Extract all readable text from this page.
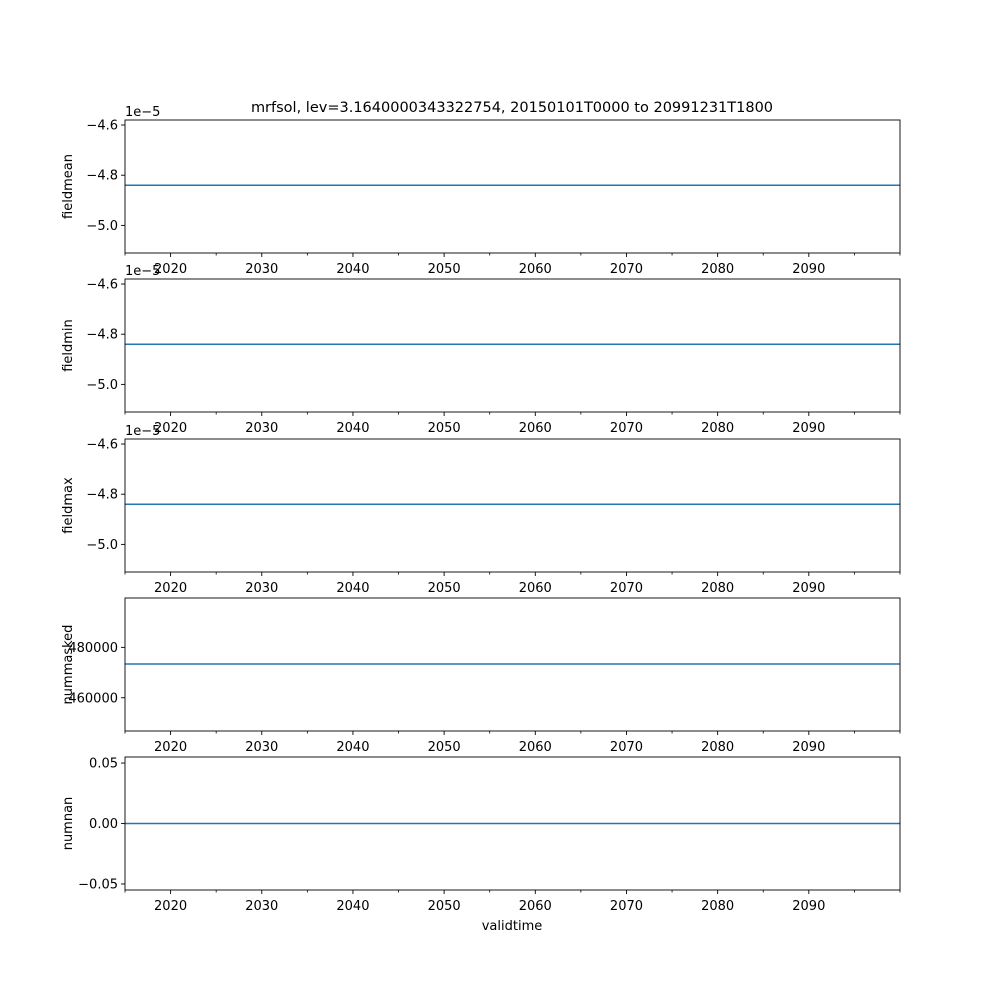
mrfsol, lev=3.1640000343322754, 20150101T0000 to 20991231T1800
−5.0
−4.8
−4.6
2020	2030	2040	2050	2060	2070	2080	2090
fieldmean
1e−5
−5.0
−4.8
−4.6
2020	2030	2040	2050	2060	2070	2080	2090
fieldmin
1e−5
−5.0
−4.8
−4.6
2020	2030	2040	2050	2060	2070	2080	2090
fieldmax
1e−5
460000
480000
2020	2030	2040	2050	2060	2070	2080	2090
nummasked
−0.05
0.00
0.05
2020	2030	2040	2050	2060	2070	2080	2090
numnan
validtime
